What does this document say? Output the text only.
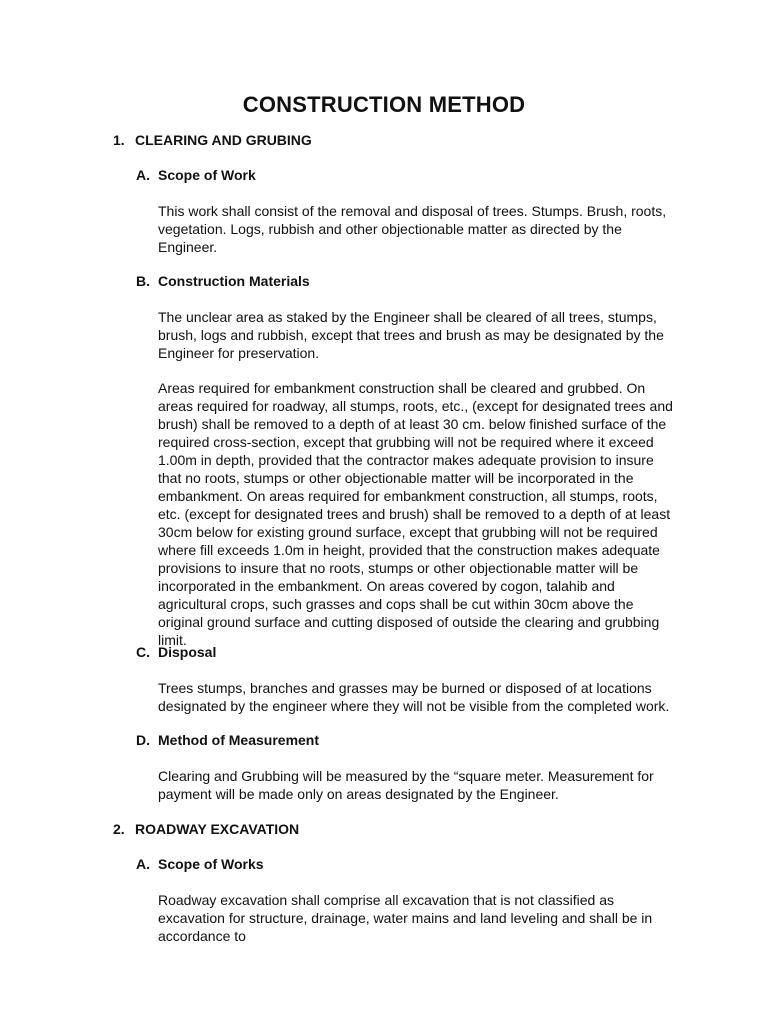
CONSTRUCTION METHOD
1. CLEARING AND GRUBING
A. Scope of Work

This work shall consist of the removal and disposal of trees. Stumps. Brush, roots, vegetation. Logs, rubbish and other objectionable matter as directed by the Engineer.

B. Construction Materials

The unclear area as staked by the Engineer shall be cleared of all trees, stumps, brush, logs and rubbish, except that trees and brush as may be designated by the Engineer for preservation.

Areas required for embankment construction shall be cleared and grubbed. On areas required for roadway, all stumps, roots, etc., (except for designated trees and brush) shall be removed to a depth of at least 30 cm. below finished surface of the required cross-section, except that grubbing will not be required where it exceed 1.00m in depth, provided that the contractor makes adequate provision to insure that no roots, stumps or other objectionable matter will be incorporated in the embankment. On areas required for embankment construction, all stumps, roots, etc. (except for designated trees and brush) shall be removed to a depth of at least 30cm below for existing ground surface, except that grubbing will not be required where fill exceeds 1.0m in height, provided that the construction makes adequate provisions to insure that no roots, stumps or other objectionable matter will be incorporated in the embankment. On areas covered by cogon, talahib and agricultural crops, such grasses and cops shall be cut within 30cm above the original ground surface and cutting disposed of outside the clearing and grubbing limit.

C. Disposal

Trees stumps, branches and grasses may be burned or disposed of at locations designated by the engineer where they will not be visible from the completed work.

D. Method of Measurement

Clearing and Grubbing will be measured by the “square meter. Measurement for payment will be made only on areas designated by the Engineer.

2. ROADWAY EXCAVATION
A. Scope of Works

Roadway excavation shall comprise all excavation that is not classified as excavation for structure, drainage, water mains and land leveling and shall be in accordance to
